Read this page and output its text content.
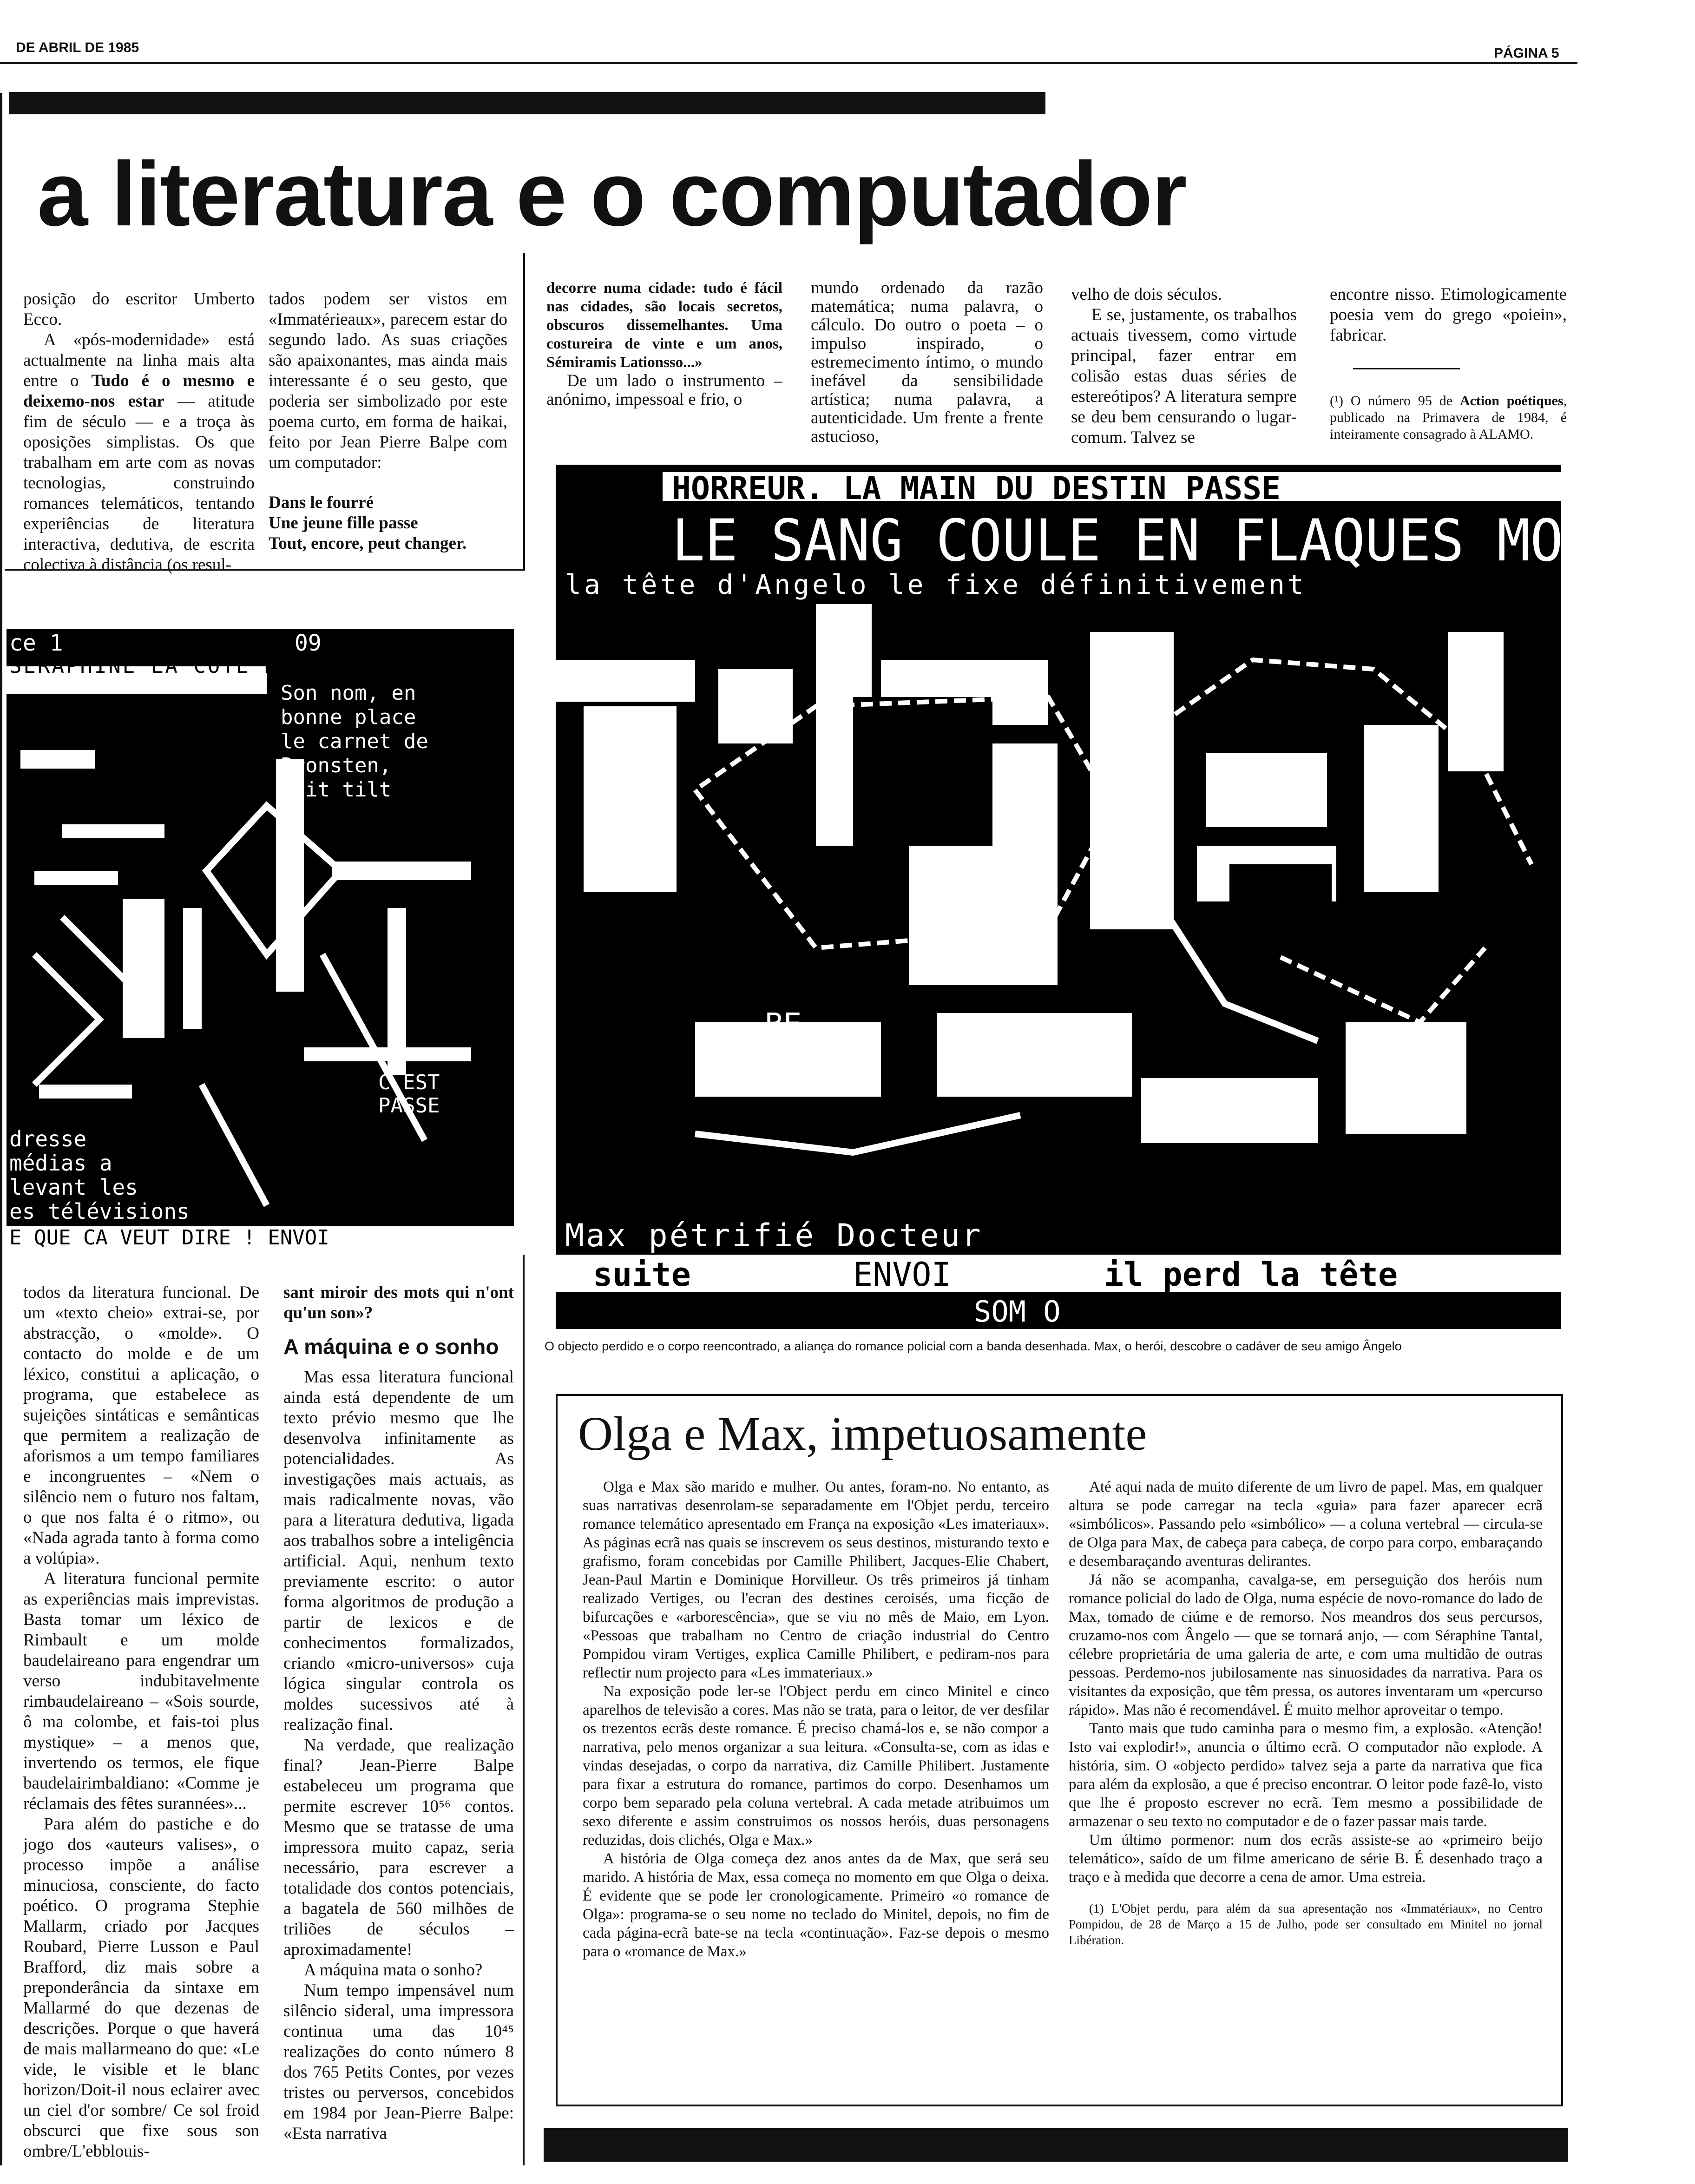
DE ABRIL DE 1985	PÁGINA 5
a literatura e o computador

posição do escritor Umberto Ecco.

A «pós-modernidade» está actualmente na linha mais alta entre o Tudo é o mesmo e deixemo-nos estar — atitude fim de século — e a troça às oposições simplistas. Os que trabalham em arte com as novas tecnologias, construindo romances telemáticos, tentando experiências de literatura interactiva, dedutiva, de escrita colectiva à distância (os resul-

tados podem ser vistos em «Immatérieaux», parecem estar do segundo lado. As suas criações são apaixonantes, mas ainda mais interessante é o seu gesto, que poderia ser simbolizado por este poema curto, em forma de haikai, feito por Jean Pierre Balpe com um computador:

Dans le fourré

Une jeune fille passe

Tout, encore, peut changer.

decorre numa cidade: tudo é fácil nas cidades, são locais secretos, obscuros dissemelhantes. Uma costureira de vinte e um anos, Sémiramis Lationsso...»

De um lado o instrumento – anónimo, impessoal e frio, o

mundo ordenado da razão matemática; numa palavra, o cálculo. Do outro o poeta – o impulso inspirado, o estremecimento íntimo, o mundo inefável da sensibilidade artística; numa palavra, a autenticidade. Um frente a frente astucioso,

velho de dois séculos.

E se, justamente, os trabalhos actuais tivessem, como virtude principal, fazer entrar em colisão estas duas séries de estereótipos? A literatura sempre se deu bem censurando o lugar-comum. Talvez se

encontre nisso. Etimologicamente poesia vem do grego «poiein», fabricar.

(¹) O número 95 de Action poétiques, publicado na Primavera de 1984, é inteiramente consagrado à ALAMO.

ce 1	09
SÉRAPHINE LA COTE D'AMOUR
Son nom, en
bonne place
le carnet de
Bronsten,
fait tilt
C EST
PASSE
dresse
médias a
levant les
es télévisions
E QUE CA VEUT DIRE ! ENVOI
HORREUR. LA MAIN DU DESTIN PASSE
LE SANG COULE EN FLAQUES MOLLES
la tête d'Angelo le fixe définitivement
BE
Max pétrifié Docteur
suite	ENVOI	il perd la tête
SOM O
O objecto perdido e o corpo reencontrado, a aliança do romance policial com a banda desenhada. Max, o herói, descobre o cadáver de seu amigo Ângelo

todos da literatura funcional. De um «texto cheio» extrai-se, por abstracção, o «molde». O contacto do molde e de um léxico, constitui a aplicação, o programa, que estabelece as sujeições sintáticas e semânticas que permitem a realização de aforismos a um tempo familiares e incongruentes – «Nem o silêncio nem o futuro nos faltam, o que nos falta é o ritmo», ou «Nada agrada tanto à forma como a volúpia».

A literatura funcional permite as experiências mais imprevistas. Basta tomar um léxico de Rimbault e um molde baudelaireano para engendrar um verso indubitavelmente rimbaudelaireano – «Sois sourde, ô ma colombe, et fais-toi plus mystique» – a menos que, invertendo os termos, ele fique baudelairimbaldiano: «Comme je réclamais des fêtes surannées»...

Para além do pastiche e do jogo dos «auteurs valises», o processo impõe a análise minuciosa, consciente, do facto poético. O programa Stephie Mallarm, criado por Jacques Roubard, Pierre Lusson e Paul Brafford, diz mais sobre a preponderância da sintaxe em Mallarmé do que dezenas de descrições. Porque o que haverá de mais mallarmeano do que: «Le vide, le visible et le blanc horizon/Doit-il nous eclairer avec un ciel d'or sombre/ Ce sol froid obscurci que fixe sous son ombre/L'ebblouis-

sant miroir des mots qui n'ont qu'un son»?

A máquina e o sonho

Mas essa literatura funcional ainda está dependente de um texto prévio mesmo que lhe desenvolva infinitamente as potencialidades. As investigações mais actuais, as mais radicalmente novas, vão para a literatura dedutiva, ligada aos trabalhos sobre a inteligência artificial. Aqui, nenhum texto previamente escrito: o autor forma algoritmos de produção a partir de lexicos e de conhecimentos formalizados, criando «micro-universos» cuja lógica singular controla os moldes sucessivos até à realização final.

Na verdade, que realização final? Jean-Pierre Balpe estabeleceu um programa que permite escrever 10⁵⁶ contos. Mesmo que se tratasse de uma impressora muito capaz, seria necessário, para escrever a totalidade dos contos potenciais, a bagatela de 560 milhões de triliões de séculos – aproximadamente!

A máquina mata o sonho?

Num tempo impensável num silêncio sideral, uma impressora continua uma das 10⁴⁵ realizações do conto número 8 dos 765 Petits Contes, por vezes tristes ou perversos, concebidos em 1984 por Jean-Pierre Balpe: «Esta narrativa

Olga e Max, impetuosamente

Olga e Max são marido e mulher. Ou antes, foram-no. No entanto, as suas narrativas desenrolam-se separadamente em l'Objet perdu, terceiro romance telemático apresentado em França na exposição «Les imateriaux». As páginas ecrã nas quais se inscrevem os seus destinos, misturando texto e grafismo, foram concebidas por Camille Philibert, Jacques-Elie Chabert, Jean-Paul Martin e Dominique Horvilleur. Os três primeiros já tinham realizado Vertiges, ou l'ecran des destines ceroisés, uma ficção de bifurcações e «arborescência», que se viu no mês de Maio, em Lyon. «Pessoas que trabalham no Centro de criação industrial do Centro Pompidou viram Vertiges, explica Camille Philibert, e pediram-nos para reflectir num projecto para «Les immateriaux.»

Na exposição pode ler-se l'Object perdu em cinco Minitel e cinco aparelhos de televisão a cores. Mas não se trata, para o leitor, de ver desfilar os trezentos ecrãs deste romance. É preciso chamá-los e, se não compor a narrativa, pelo menos organizar a sua leitura. «Consulta-se, com as idas e vindas desejadas, o corpo da narrativa, diz Camille Philibert. Justamente para fixar a estrutura do romance, partimos do corpo. Desenhamos um corpo bem separado pela coluna vertebral. A cada metade atribuimos um sexo diferente e assim construimos os nossos heróis, duas personagens reduzidas, dois clichés, Olga e Max.»

A história de Olga começa dez anos antes da de Max, que será seu marido. A história de Max, essa começa no momento em que Olga o deixa. É evidente que se pode ler cronologicamente. Primeiro «o romance de Olga»: programa-se o seu nome no teclado do Minitel, depois, no fim de cada página-ecrã bate-se na tecla «continuação». Faz-se depois o mesmo para o «romance de Max.»

Até aqui nada de muito diferente de um livro de papel. Mas, em qualquer altura se pode carregar na tecla «guia» para fazer aparecer ecrã «simbólicos». Passando pelo «simbólico» — a coluna vertebral — circula-se de Olga para Max, de cabeça para cabeça, de corpo para corpo, embaraçando e desembaraçando aventuras delirantes.

Já não se acompanha, cavalga-se, em perseguição dos heróis num romance policial do lado de Olga, numa espécie de novo-romance do lado de Max, tomado de ciúme e de remorso. Nos meandros dos seus percursos, cruzamo-nos com Ângelo — que se tornará anjo, — com Séraphine Tantal, célebre proprietária de uma galeria de arte, e com uma multidão de outras pessoas. Perdemo-nos jubilosamente nas sinuosidades da narrativa. Para os visitantes da exposição, que têm pressa, os autores inventaram um «percurso rápido». Mas não é recomendável. É muito melhor aproveitar o tempo.

Tanto mais que tudo caminha para o mesmo fim, a explosão. «Atenção! Isto vai explodir!», anuncia o último ecrã. O computador não explode. A história, sim. O «objecto perdido» talvez seja a parte da narrativa que fica para além da explosão, a que é preciso encontrar. O leitor pode fazê-lo, visto que lhe é proposto escrever no ecrã. Tem mesmo a possibilidade de armazenar o seu texto no computador e de o fazer passar mais tarde.

Um último pormenor: num dos ecrãs assiste-se ao «primeiro beijo telemático», saído de um filme americano de série B. É desenhado traço a traço e à medida que decorre a cena de amor. Uma estreia.

(1) L'Objet perdu, para além da sua apresentação nos «Immatériaux», no Centro Pompidou, de 28 de Março a 15 de Julho, pode ser consultado em Minitel no jornal Libération.
